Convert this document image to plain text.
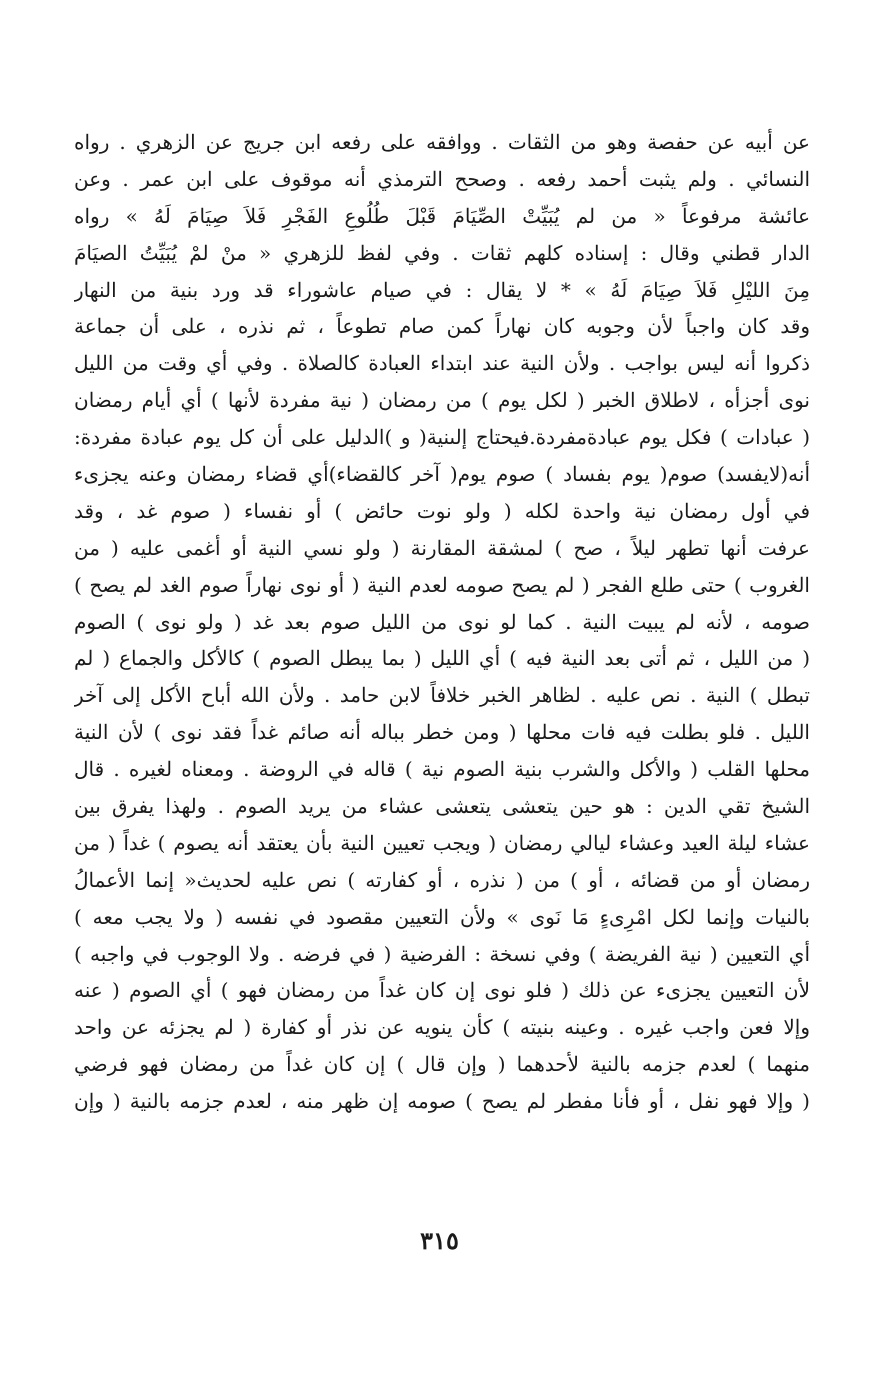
عن أبيه عن حفصة وهو من الثقات . ووافقه على رفعه ابن جريج عن الزهري . رواه
النسائي . ولم يثبت أحمد رفعه . وصحح الترمذي أنه موقوف على ابن عمر . وعن
عائشة مرفوعاً « من لم يُبَيِّتْ الصِّيَامَ قَبْلَ طُلُوعِ الفَجْرِ فَلاَ صِيَامَ لَهُ » رواه
الدار قطني وقال : إسناده كلهم ثقات . وفي لفظ للزهري « منْ لمْ يُبَيِّتُ الصيَامَ
مِنَ الليْلِ فَلاَ صِيَامَ لَهُ » * لا يقال : في صيام عاشوراء قد ورد بنية من النهار
وقد كان واجباً لأن وجوبه كان نهاراً كمن صام تطوعاً ، ثم نذره ، على أن جماعة
ذكروا أنه ليس بواجب . ولأن النية عند ابتداء العبادة كالصلاة . وفي أي وقت من الليل
نوى أجزأه ، لاطلاق الخبر ( لكل يوم ) من رمضان ( نية مفردة لأنها ) أي أيام رمضان
( عبادات ) فكل يوم عبادةمفردة.فيحتاج إلىنية( و )الدليل على أن كل يوم عبادة مفردة:
أنه(لايفسد) صوم( يوم بفساد ) صوم يوم( آخر كالقضاء)أي قضاء رمضان وعنه يجزىء
في أول رمضان نية واحدة لكله ( ولو نوت حائض ) أو نفساء ( صوم غد ، وقد
عرفت أنها تطهر ليلاً ، صح ) لمشقة المقارنة ( ولو نسي النية أو أغمى عليه ( من
الغروب ) حتى طلع الفجر ( لم يصح صومه لعدم النية ( أو نوى نهاراً صوم الغد لم يصح )
صومه ، لأنه لم يبيت النية . كما لو نوى من الليل صوم بعد غد ( ولو نوى ) الصوم
( من الليل ، ثم أتى بعد النية فيه ) أي الليل ( بما يبطل الصوم ) كالأكل والجماع ( لم
تبطل ) النية . نص عليه . لظاهر الخبر خلافاً لابن حامد . ولأن الله أباح الأكل إلى آخر
الليل . فلو بطلت فيه فات محلها ( ومن خطر بباله أنه صائم غداً فقد نوى ) لأن النية
محلها القلب ( والأكل والشرب بنية الصوم نية ) قاله في الروضة . ومعناه لغيره . قال
الشيخ تقي الدين : هو حين يتعشى يتعشى عشاء من يريد الصوم . ولهذا يفرق بين
عشاء ليلة العيد وعشاء ليالي رمضان ( ويجب تعيين النية بأن يعتقد أنه يصوم ) غداً ( من
رمضان أو من قضائه ، أو ) من ( نذره ، أو كفارته ) نص عليه لحديث« إنما الأعمالُ
بالنيات وإنما لكل امْرِىءٍ مَا نَوى » ولأن التعيين مقصود في نفسه ( ولا يجب معه )
أي التعيين ( نية الفريضة ) وفي نسخة : الفرضية ( في فرضه . ولا الوجوب في واجبه )
لأن التعيين يجزىء عن ذلك ( فلو نوى إن كان غداً من رمضان فهو ) أي الصوم ( عنه
وإلا فعن واجب غيره . وعينه بنيته ) كأن ينويه عن نذر أو كفارة ( لم يجزئه عن واحد
منهما ) لعدم جزمه بالنية لأحدهما ( وإن قال ) إن كان غداً من رمضان فهو فرضي
( وإلا فهو نفل ، أو فأنا مفطر لم يصح ) صومه إن ظهر منه ، لعدم جزمه بالنية ( وإن
٣١٥
